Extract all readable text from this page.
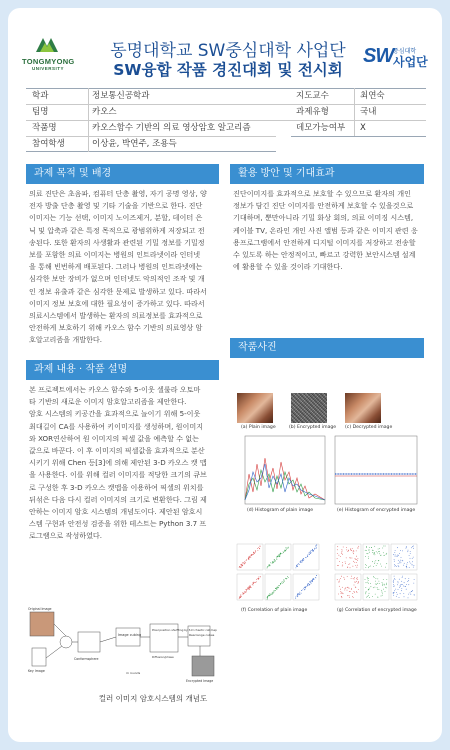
TONGMYONG
UNIVERSITY
동명대학교 SW중심대학 사업단
SW융합 작품 경진대회 및 전시회
SW 중심대학
사업단
학과	정보통신공학과	지도교수	최연숙
팀명	카오스	과제유형	국내
작품명	카오스함수 기반의 의료 영상암호 알고리즘	데모가능여부	X
참여학생	이상윤, 박연주, 조용득
과제 목적 및 배경
의료 진단은 초음파, 컴퓨터 단층 촬영, 자기 공명 영상, 양
전자 방출 단층 촬영 및 기타 기술을 기반으로 한다. 진단
이미지는 기능 선택, 이미지 노이즈제거, 분할, 데이터 은
닉 및 압축과 같은 특정 목적으로 광범위하게 저장되고 전
송된다. 또한 환자의 사생활과 관련된 기밀 정보를 기밀정
보를 포함한 의료 이미지는 병원의 인트라넷이라 인터넷
을 통해 빈번하게 배포된다. 그러나 병원의 인트라넷에는
심각한 보안 장비가 없으며 인터넷도 악의적인 조작 및 개
인 정보 유출과 같은 심각한 문제로 발생하고 있다. 따라서
이미지 정보 보호에 대한 필요성이 증가하고 있다. 따라서
의료시스템에서 발생하는 환자의 의료정보를 효과적으로
안전하게 보호하기 위해 카오스 함수 기반의 의료영상 암
호알고리즘을 개발한다.
활용 방안 및 기대효과
진단이미지를 효과적으로 보호할 수 있으므로 환자의 개인
정보가 담긴 진단 이미지를 안전하게 보호할 수 있을것으로
기대하며, 뿐만아니라 기밀 화상 회의, 의료 이미징 시스템,
케이블 TV, 온라인 개인 사진 앨범 등과 같은 이미지 관련 응
용프로그램에서 안전하게 디지털 이미지를 저장하고 전송할
수 있도록 하는 안정적이고, 빠르고 강력한 보안시스템 설계
에 활용할 수 있을 것이라 기대한다.
과제 내용 · 작품 설명
본 프로젝트에서는 카오스 함수와 5-이웃 셀룰라 오토마
타 기반의 새로운 이미지 암호알고리즘을 제안한다.
암호 시스템의 키공간을 효과적으로 늘이기 위해 5-이웃
최대길이 CA를 사용하여 키이미지를 생성하며, 원이미지
와 XOR연산하여 원 이미지의 픽셀 값을 예측할 수 없는
값으로 바꾼다. 이 후 이미지의 픽셀값을 효과적으로 분산
시키기 위해 Chen 등[3]에 의해 제안된 3-D 카오스 캣 맵
을 사용한다. 이를 위해 컬러 이미지를 적당한 크기의 큐브
로 구성한 후 3-D 카오스 캣맵을 이용하여 픽셀의 위치를
뒤섞은 다음 다시 컬러 이미지의 크기로 변환한다. 그림 제
안하는 이미지 암호 시스템의 개념도이다. 제안된 암호시
스템 구현과 안전성 검증을 위한 테스트는 Python 3.7 프
로그램으로 작성하였다.
작품사진
(a) Plain image	(b) Encrypted image (c) Decrypted image
(d) Histogram of plain image	(e) Histogram of encrypted image
(f) Correlation of plain image	(g) Correlation of encrypted image
Original Image
Key Image
Conformsphere
Image cubing
Pixel position shuffling by 3-D chaotic cat map
Diffusion/phase
Rearrange cubes
Encrypted Image
m rounds
컬러 이미지 암호시스템의 개념도
